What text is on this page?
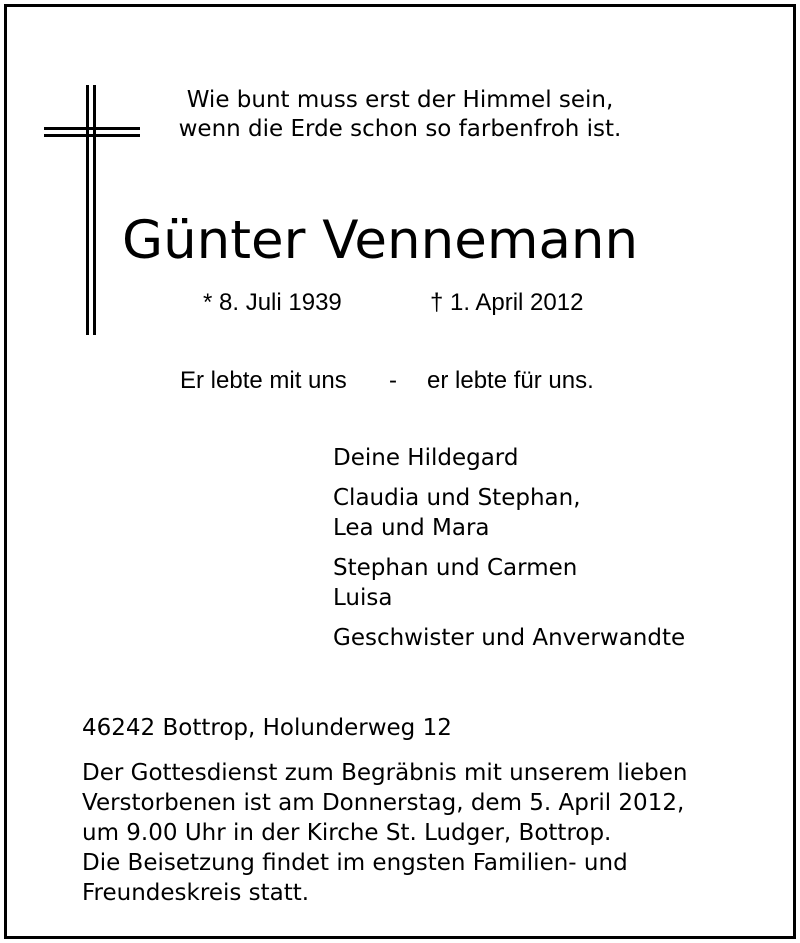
Wie bunt muss erst der Himmel sein,
wenn die Erde schon so farbenfroh ist.
Günter Vennemann
* 8. Juli 1939	† 1. April 2012
Er lebte mit uns - er lebte für uns.
Deine Hildegard
Claudia und Stephan,
Lea und Mara
Stephan und Carmen
Luisa
Geschwister und Anverwandte
46242 Bottrop, Holunderweg 12
Der Gottesdienst zum Begräbnis mit unserem lieben
Verstorbenen ist am Donnerstag, dem 5. April 2012,
um 9.00 Uhr in der Kirche St. Ludger, Bottrop.
Die Beisetzung findet im engsten Familien- und
Freundeskreis statt.
